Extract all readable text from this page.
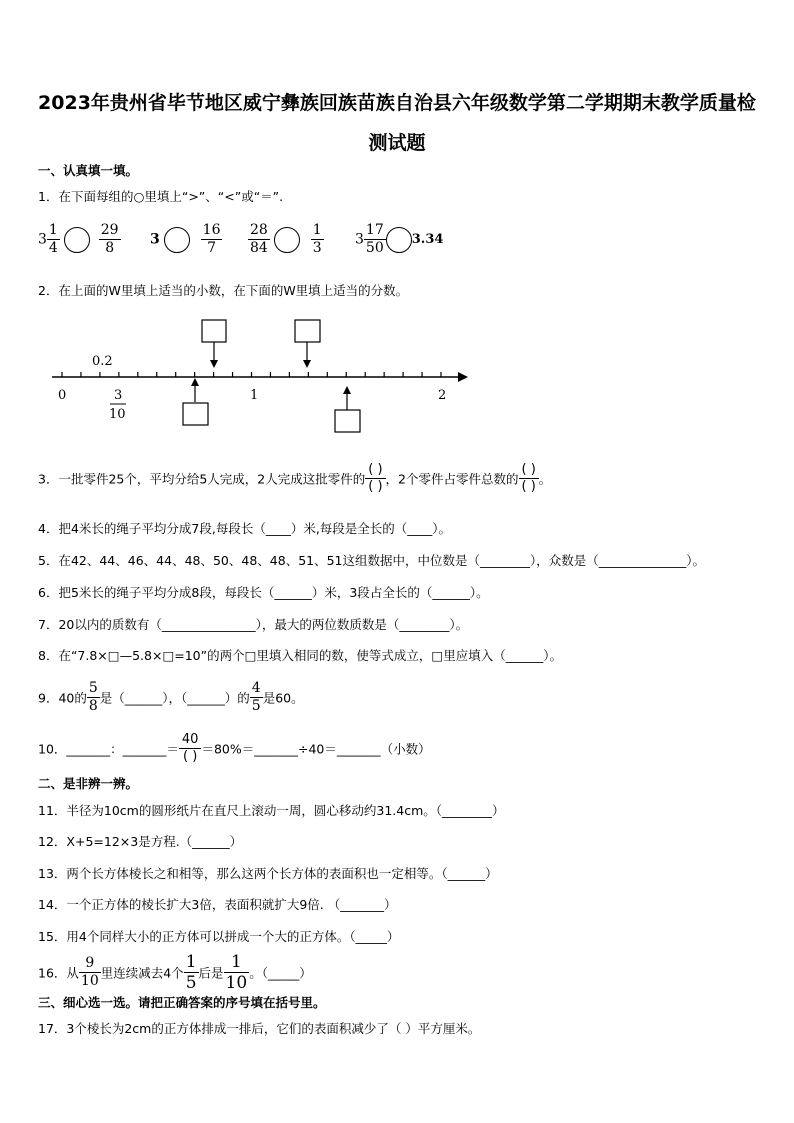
2023年贵州省毕节地区威宁彝族回族苗族自治县六年级数学第二学期期末教学质量检
测试题
一、认真填一填。
1．在下面每组的○里填上“>”、“<”或“＝”.
$3 \frac{1}{4}$
	$\frac{29}{8} 3$	$\frac{16}{7} \frac{28}{84}$
	$\frac{1}{3} 3 \frac{17}{50} 3.34$
2．在上面的W里填上适当的小数，在下面的W里填上适当的分数。
0.2
0	1	2
3
10
3．一批零件25个，平均分给5人完成，2人完成这批零件的 $\frac{( )}{( )}$ ，2个零件占零件总数的 $\frac{( )}{( )}$ 。
4．把4米长的绳子平均分成7段,每段长（____）米,每段是全长的（____）。
5．在42、44、46、44、48、50、48、48、51、51这组数据中，中位数是（________），众数是（______________）。
6．把5米长的绳子平均分成8段，每段长（______）米，3段占全长的（______）。
7．20以内的质数有（_______________），最大的两位数质数是（________）。
8．在“7.8×□—5.8×□=10”的两个□里填入相同的数，使等式成立，□里应填入（______）。
9．40的 $\frac{5}{8}$ 是（______），（______）的 $\frac{4}{5}$ 是60。
10．_______：_______＝ $\frac{40}{( )}$ ＝80%＝_______÷40＝_______（小数）
二、是非辨一辨。
11．半径为10cm的圆形纸片在直尺上滚动一周，圆心移动约31.4cm。（________）
12．X+5=12×3是方程.（______）
13．两个长方体棱长之和相等，那么这两个长方体的表面积也一定相等。（______）
14．一个正方体的棱长扩大3倍，表面积就扩大9倍. （_______）
15．用4个同样大小的正方体可以拼成一个大的正方体。（_____）
16．从 $\frac{9}{10}$ 里连续减去4个 $\frac{1}{5}$ 后是 $\frac{1}{10}$ 。（_____）
三、细心选一选。请把正确答案的序号填在括号里。
17．3个棱长为2cm的正方体排成一排后，它们的表面积减少了（ ）平方厘米。
